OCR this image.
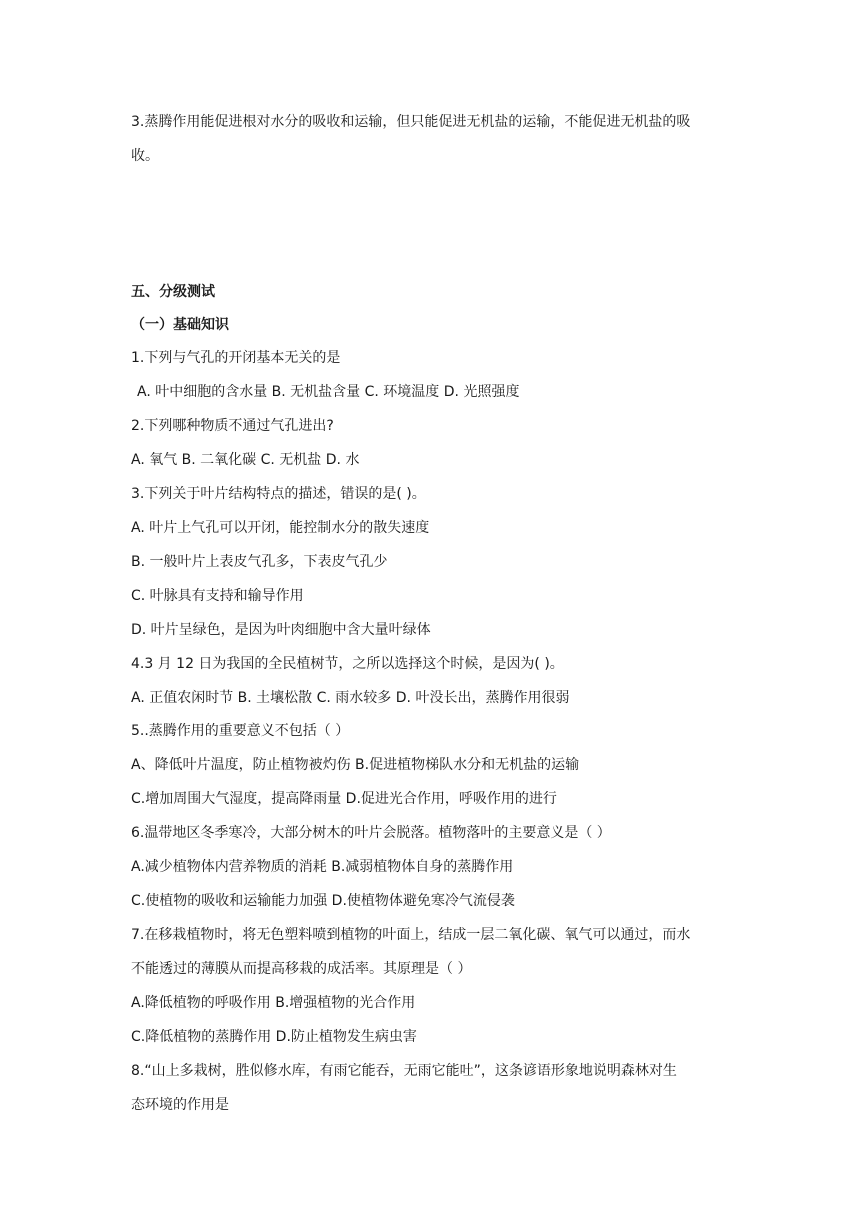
3.蒸腾作用能促进根对水分的吸收和运输，但只能促进无机盐的运输，不能促进无机盐的吸
收。
五、分级测试
（一）基础知识
1.下列与气孔的开闭基本无关的是
A. 叶中细胞的含水量 B. 无机盐含量 C. 环境温度 D. 光照强度
2.下列哪种物质不通过气孔进出?
A. 氧气 B. 二氧化碳 C. 无机盐 D. 水
3.下列关于叶片结构特点的描述，错误的是( )。
A. 叶片上气孔可以开闭，能控制水分的散失速度
B. 一般叶片上表皮气孔多，下表皮气孔少
C. 叶脉具有支持和输导作用
D. 叶片呈绿色，是因为叶肉细胞中含大量叶绿体
4.3 月 12 日为我国的全民植树节，之所以选择这个时候，是因为( )。
A. 正值农闲时节 B. 土壤松散 C. 雨水较多 D. 叶没长出，蒸腾作用很弱
5..蒸腾作用的重要意义不包括（ ）
A、降低叶片温度，防止植物被灼伤 B.促进植物梯队水分和无机盐的运输
C.增加周围大气湿度，提高降雨量 D.促进光合作用，呼吸作用的进行
6.温带地区冬季寒冷，大部分树木的叶片会脱落。植物落叶的主要意义是（ ）
A.减少植物体内营养物质的消耗 B.减弱植物体自身的蒸腾作用
C.使植物的吸收和运输能力加强 D.使植物体避免寒冷气流侵袭
7.在移栽植物时，将无色塑料喷到植物的叶面上，结成一层二氧化碳、氧气可以通过，而水
不能透过的薄膜从而提高移栽的成活率。其原理是（ ）
A.降低植物的呼吸作用 B.增强植物的光合作用
C.降低植物的蒸腾作用 D.防止植物发生病虫害
8.“山上多栽树，胜似修水库，有雨它能吞，无雨它能吐”，这条谚语形象地说明森林对生
态环境的作用是
